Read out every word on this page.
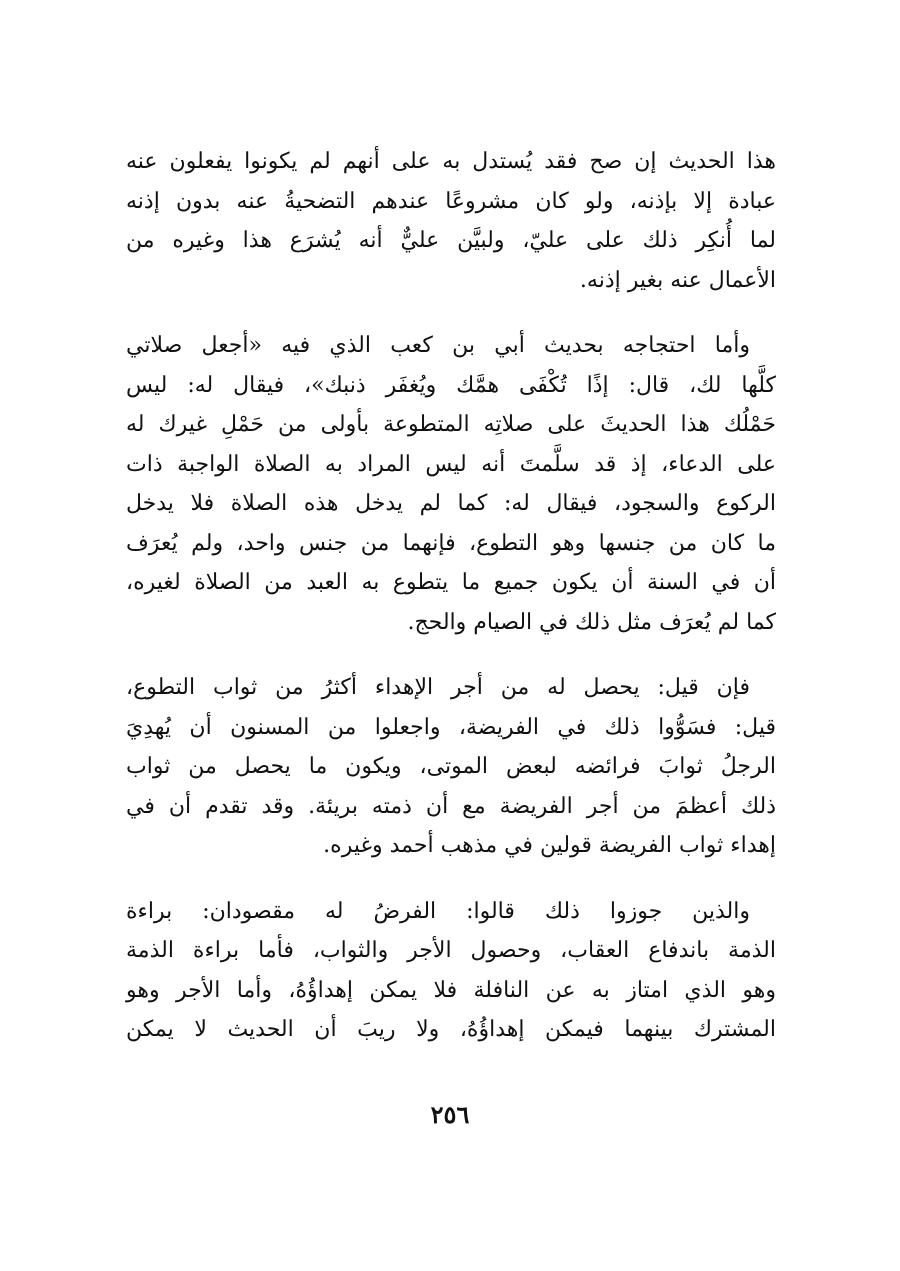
هذا الحديث إن صح فقد يُستدل به على أنهم لم يكونوا يفعلون عنه
عبادة إلا بإذنه، ولو كان مشروعًا عندهم التضحيةُ عنه بدون إذنه
لما أُنكِر ذلك على عليّ، ولبيَّن عليٌّ أنه يُشرَع هذا وغيره من
الأعمال عنه بغير إذنه.
وأما احتجاجه بحديث أبي بن كعب الذي فيه «أجعل صلاتي
كلَّها لك، قال: إذًا تُكْفَى همَّك ويُغفَر ذنبك»، فيقال له: ليس
حَمْلُك هذا الحديثَ على صلاتِه المتطوعة بأولى من حَمْلِ غيرك له
على الدعاء، إذ قد سلَّمتَ أنه ليس المراد به الصلاة الواجبة ذات
الركوع والسجود، فيقال له: كما لم يدخل هذه الصلاة فلا يدخل
ما كان من جنسها وهو التطوع، فإنهما من جنس واحد، ولم يُعرَف
أن في السنة أن يكون جميع ما يتطوع به العبد من الصلاة لغيره،
كما لم يُعرَف مثل ذلك في الصيام والحج.
فإن قيل: يحصل له من أجر الإهداء أكثرُ من ثواب التطوع،
قيل: فسَوُّوا ذلك في الفريضة، واجعلوا من المسنون أن يُهدِيَ
الرجلُ ثوابَ فرائضه لبعض الموتى، ويكون ما يحصل من ثواب
ذلك أعظمَ من أجر الفريضة مع أن ذمته بريئة. وقد تقدم أن في
إهداء ثواب الفريضة قولين في مذهب أحمد وغيره.
والذين جوزوا ذلك قالوا: الفرضُ له مقصودان: براءة
الذمة باندفاع العقاب، وحصول الأجر والثواب، فأما براءة الذمة
وهو الذي امتاز به عن النافلة فلا يمكن إهداؤُهُ، وأما الأجر وهو
المشترك بينهما فيمكن إهداؤُهُ، ولا ريبَ أن الحديث لا يمكن
٢٥٦
